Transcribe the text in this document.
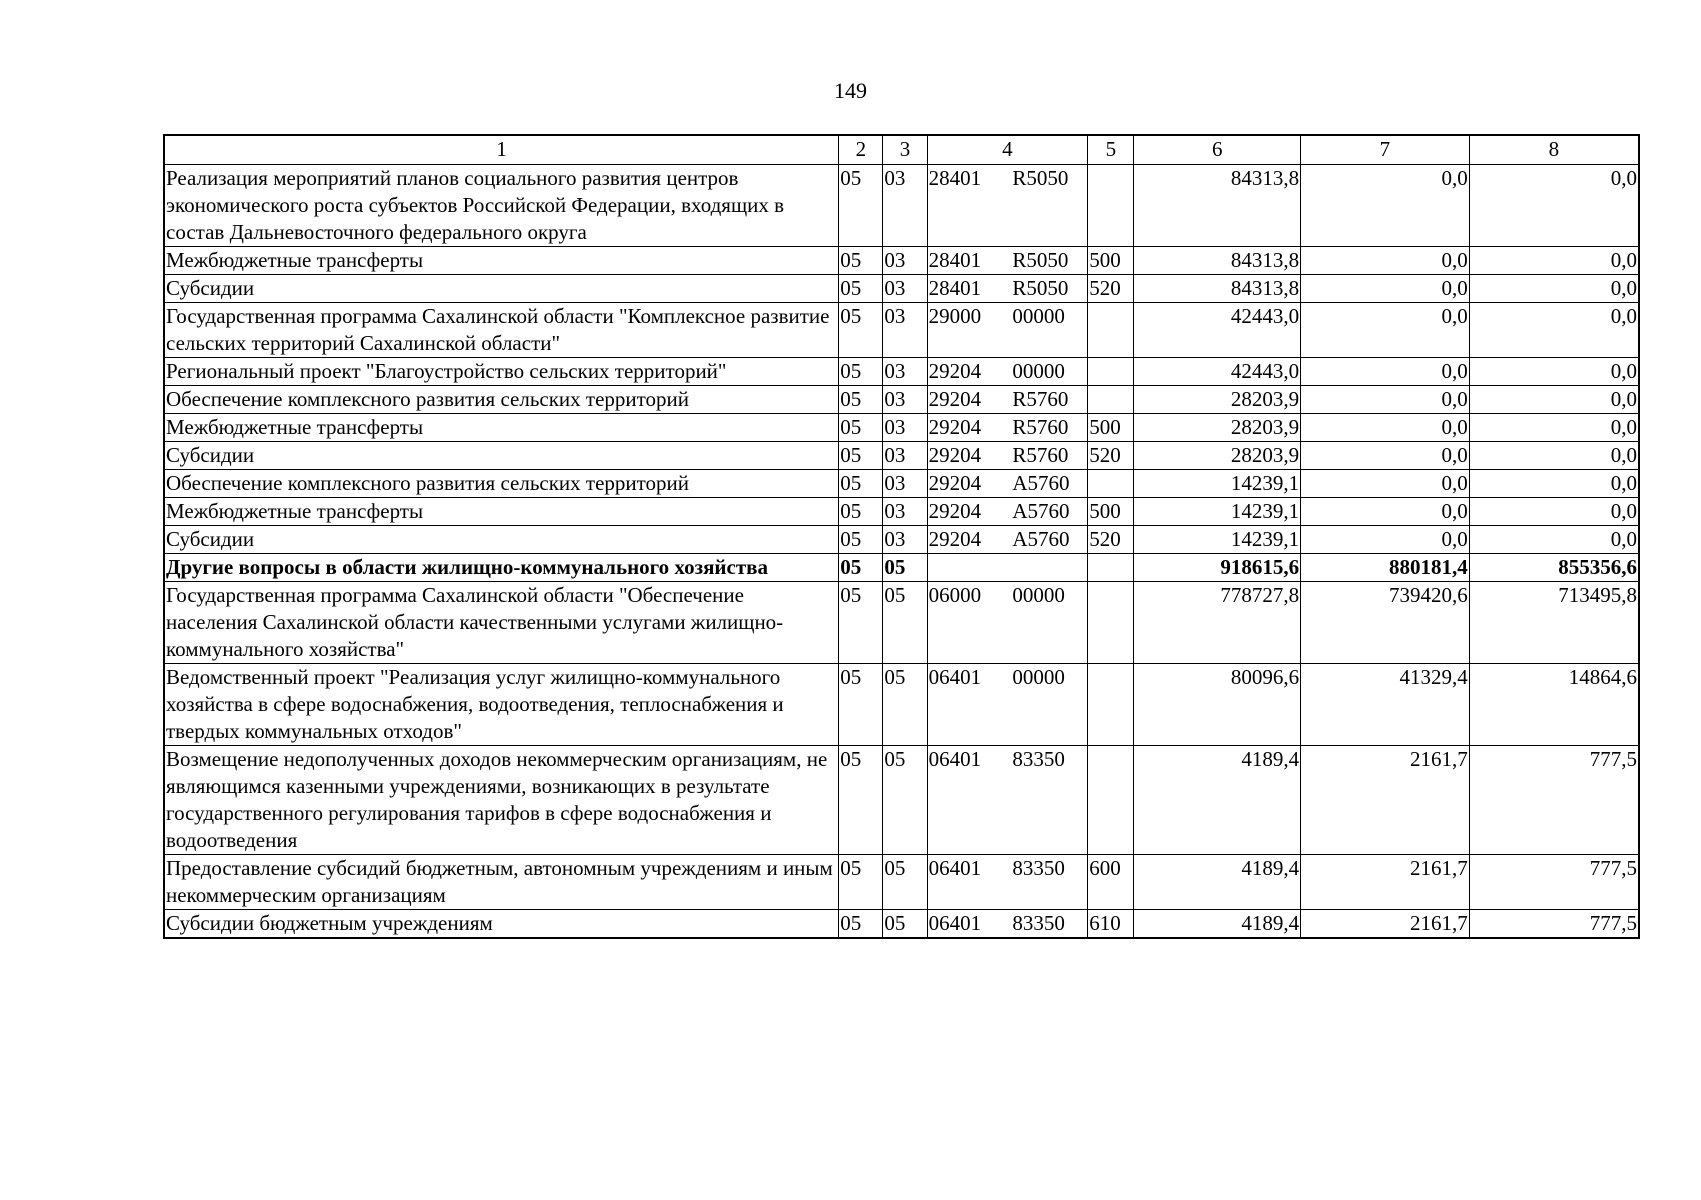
149
1	2	3	4	5	6	7	8
Реализация мероприятий планов социального развития центров экономического роста субъектов Российской Федерации, входящих в состав Дальневосточного федерального округа	05	03	28401 R5050		84313,8	0,0	0,0
Межбюджетные трансферты	05	03	28401 R5050	500	84313,8	0,0	0,0
Субсидии	05	03	28401 R5050	520	84313,8	0,0	0,0
Государственная программа Сахалинской области "Комплексное развитие сельских территорий Сахалинской области"	05	03	29000 00000		42443,0	0,0	0,0
Региональный проект "Благоустройство сельских территорий"	05	03	29204 00000		42443,0	0,0	0,0
Обеспечение комплексного развития сельских территорий	05	03	29204 R5760		28203,9	0,0	0,0
Межбюджетные трансферты	05	03	29204 R5760	500	28203,9	0,0	0,0
Субсидии	05	03	29204 R5760	520	28203,9	0,0	0,0
Обеспечение комплексного развития сельских территорий	05	03	29204 A5760		14239,1	0,0	0,0
Межбюджетные трансферты	05	03	29204 A5760	500	14239,1	0,0	0,0
Субсидии	05	03	29204 A5760	520	14239,1	0,0	0,0
Другие вопросы в области жилищно-коммунального хозяйства	05	05			918615,6	880181,4	855356,6
Государственная программа Сахалинской области "Обеспечение населения Сахалинской области качественными услугами жилищно-коммунального хозяйства"	05	05	06000 00000		778727,8	739420,6	713495,8
Ведомственный проект "Реализация услуг жилищно-коммунального хозяйства в сфере водоснабжения, водоотведения, теплоснабжения и твердых коммунальных отходов"	05	05	06401 00000		80096,6	41329,4	14864,6
Возмещение недополученных доходов некоммерческим организациям, не являющимся казенными учреждениями, возникающих в результате государственного регулирования тарифов в сфере водоснабжения и водоотведения	05	05	06401 83350		4189,4	2161,7	777,5
Предоставление субсидий бюджетным, автономным учреждениям и иным некоммерческим организациям	05	05	06401 83350	600	4189,4	2161,7	777,5
Субсидии бюджетным учреждениям	05	05	06401 83350	610	4189,4	2161,7	777,5
